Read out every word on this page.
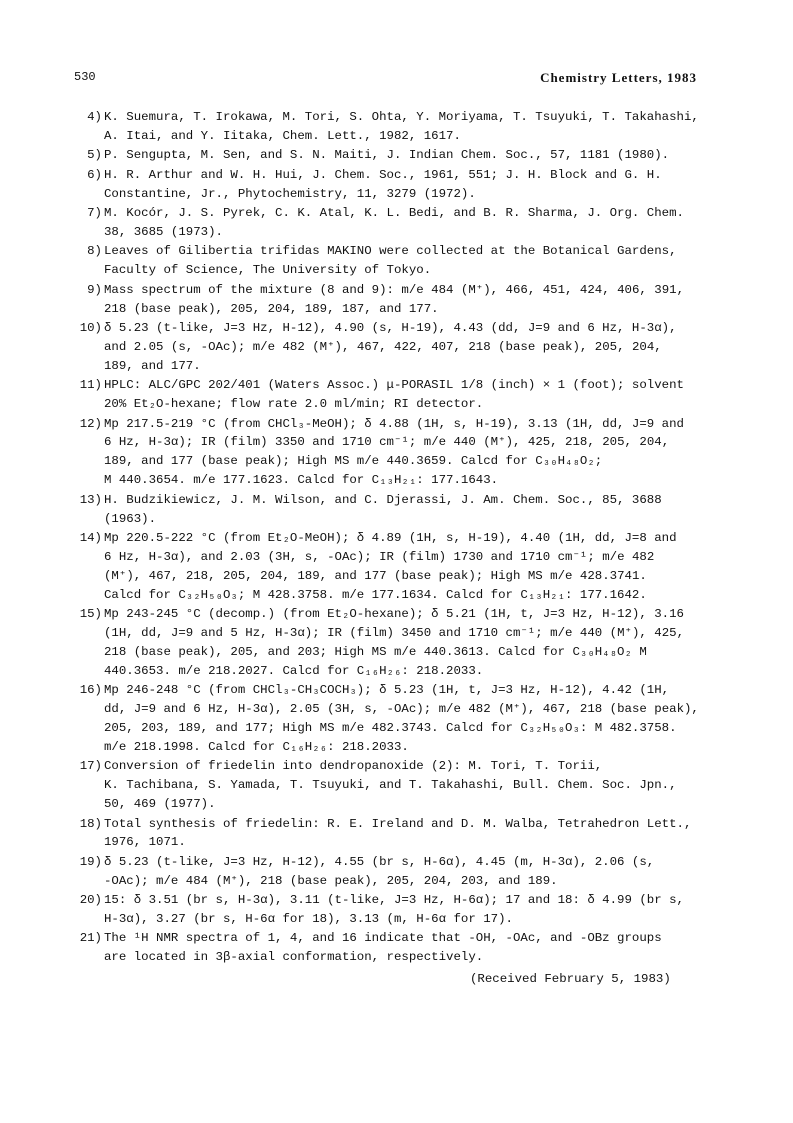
530	Chemistry Letters, 1983
4) K. Suemura, T. Irokawa, M. Tori, S. Ohta, Y. Moriyama, T. Tsuyuki, T. Takahashi,
A. Itai, and Y. Iitaka, Chem. Lett., 1982, 1617.
5) P. Sengupta, M. Sen, and S. N. Maiti, J. Indian Chem. Soc., 57, 1181 (1980).
6) H. R. Arthur and W. H. Hui, J. Chem. Soc., 1961, 551; J. H. Block and G. H.
Constantine, Jr., Phytochemistry, 11, 3279 (1972).
7) M. Kocór, J. S. Pyrek, C. K. Atal, K. L. Bedi, and B. R. Sharma, J. Org. Chem.
38, 3685 (1973).
8) Leaves of Gilibertia trifidas MAKINO were collected at the Botanical Gardens,
Faculty of Science, The University of Tokyo.
9) Mass spectrum of the mixture (8 and 9): m/e 484 (M⁺), 466, 451, 424, 406, 391,
218 (base peak), 205, 204, 189, 187, and 177.
10) δ 5.23 (t-like, J=3 Hz, H-12), 4.90 (s, H-19), 4.43 (dd, J=9 and 6 Hz, H-3α),
and 2.05 (s, -OAc); m/e 482 (M⁺), 467, 422, 407, 218 (base peak), 205, 204,
189, and 177.
11) HPLC: ALC/GPC 202/401 (Waters Assoc.) μ-PORASIL 1/8 (inch) × 1 (foot); solvent
20% Et₂O-hexane; flow rate 2.0 ml/min; RI detector.
12) Mp 217.5-219 °C (from CHCl₃-MeOH); δ 4.88 (1H, s, H-19), 3.13 (1H, dd, J=9 and
6 Hz, H-3α); IR (film) 3350 and 1710 cm⁻¹; m/e 440 (M⁺), 425, 218, 205, 204,
189, and 177 (base peak); High MS m/e 440.3659. Calcd for C₃₀H₄₈O₂;
M 440.3654. m/e 177.1623. Calcd for C₁₃H₂₁: 177.1643.
13) H. Budzikiewicz, J. M. Wilson, and C. Djerassi, J. Am. Chem. Soc., 85, 3688
(1963).
14) Mp 220.5-222 °C (from Et₂O-MeOH); δ 4.89 (1H, s, H-19), 4.40 (1H, dd, J=8 and
6 Hz, H-3α), and 2.03 (3H, s, -OAc); IR (film) 1730 and 1710 cm⁻¹; m/e 482
(M⁺), 467, 218, 205, 204, 189, and 177 (base peak); High MS m/e 428.3741.
Calcd for C₃₂H₅₀O₃; M 428.3758. m/e 177.1634. Calcd for C₁₃H₂₁: 177.1642.
15) Mp 243-245 °C (decomp.) (from Et₂O-hexane); δ 5.21 (1H, t, J=3 Hz, H-12), 3.16
(1H, dd, J=9 and 5 Hz, H-3α); IR (film) 3450 and 1710 cm⁻¹; m/e 440 (M⁺), 425,
218 (base peak), 205, and 203; High MS m/e 440.3613. Calcd for C₃₀H₄₈O₂ M
440.3653. m/e 218.2027. Calcd for C₁₆H₂₆: 218.2033.
16) Mp 246-248 °C (from CHCl₃-CH₃COCH₃); δ 5.23 (1H, t, J=3 Hz, H-12), 4.42 (1H,
dd, J=9 and 6 Hz, H-3α), 2.05 (3H, s, -OAc); m/e 482 (M⁺), 467, 218 (base peak),
205, 203, 189, and 177; High MS m/e 482.3743. Calcd for C₃₂H₅₀O₃: M 482.3758.
m/e 218.1998. Calcd for C₁₆H₂₆: 218.2033.
17) Conversion of friedelin into dendropanoxide (2): M. Tori, T. Torii,
K. Tachibana, S. Yamada, T. Tsuyuki, and T. Takahashi, Bull. Chem. Soc. Jpn.,
50, 469 (1977).
18) Total synthesis of friedelin: R. E. Ireland and D. M. Walba, Tetrahedron Lett.,
1976, 1071.
19) δ 5.23 (t-like, J=3 Hz, H-12), 4.55 (br s, H-6α), 4.45 (m, H-3α), 2.06 (s,
-OAc); m/e 484 (M⁺), 218 (base peak), 205, 204, 203, and 189.
20) 15: δ 3.51 (br s, H-3α), 3.11 (t-like, J=3 Hz, H-6α); 17 and 18: δ 4.99 (br s,
H-3α), 3.27 (br s, H-6α for 18), 3.13 (m, H-6α for 17).
21) The ¹H NMR spectra of 1, 4, and 16 indicate that -OH, -OAc, and -OBz groups
are located in 3β-axial conformation, respectively.
(Received February 5, 1983)
